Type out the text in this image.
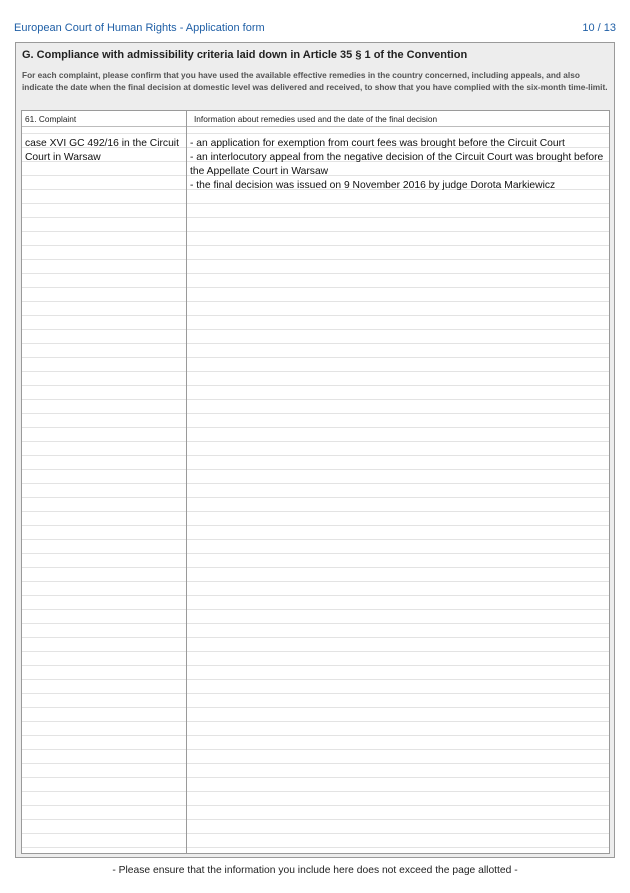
European Court of Human Rights - Application form	10 / 13
G. Compliance with admissibility criteria laid down in Article 35 § 1 of the Convention
For each complaint, please confirm that you have used the available effective remedies in the country concerned, including appeals, and also indicate the date when the final decision at domestic level was delivered and received, to show that you have complied with the six-month time-limit.
61. Complaint	Information about remedies used and the date of the final decision
case XVI GC 492/16 in the Circuit Court in Warsaw
- an application for exemption from court fees was brought before the Circuit Court
- an interlocutory appeal from the negative decision of the Circuit Court was brought before the Appellate Court in Warsaw
- the final decision was issued on 9 November 2016 by judge Dorota Markiewicz
- Please ensure that the information you include here does not exceed the page allotted -
